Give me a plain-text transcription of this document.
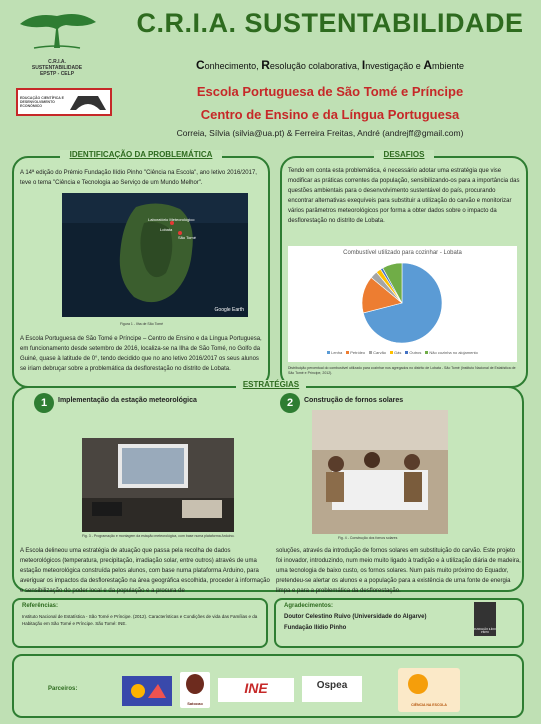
C.R.I.A.
SUSTENTABILIDADE
EPSTP - CELP
EDUCAÇÃO CIENTÍFICA E DESENVOLVIMENTO ECONÓMICO
C.R.I.A. SUSTENTABILIDADE
Conhecimento, Resolução colaborativa, Investigação e Ambiente
Escola Portuguesa de São Tomé e Príncipe
Centro de Ensino e da Língua Portuguesa
Correia, Sílvia (silvia@ua.pt) & Ferreira Freitas, André (andrejff@gmail.com)
IDENTIFICAÇÃO DA PROBLEMÁTICA
A 14ª edição do Prémio Fundação Ilídio Pinho "Ciência na Escola", ano letivo 2016/2017, teve o tema "Ciência e Tecnologia ao Serviço de um Mundo Melhor".
Laboratório Meteorológico
Lobata
São Tomé
Google Earth
Figura 1 - Ilha de São Tomé
A Escola Portuguesa de São Tomé e Príncipe – Centro de Ensino e da Língua Portuguesa, em funcionamento desde setembro de 2016, localiza-se na Ilha de São Tomé, no Golfo da Guiné, quase à latitude de 0°, tendo decidido que no ano letivo 2016/2017 os seus alunos se iriam debruçar sobre a problemática da desflorestação no distrito de Lobata.
DESAFIOS
Tendo em conta esta problemática, é necessário adotar uma estratégia que vise modificar as práticas correntes da população, sensibilizando-os para a importância das questões ambientais para o desenvolvimento sustentável do país, procurando encontrar alternativas exequíveis para substituir a utilização do carvão e monitorizar vários parâmetros meteorológicos por forma a obter dados sobre o impacto da desflorestação no distrito de Lobata.
Combustível utilizado para cozinhar - Lobata
Lenha Petróleo Carvão Gás Outros Não cozinha no alojamento
Distribuição percentual do combustível utilizado para cozinhar nos agregados no distrito de Lobata - São Tomé (Instituto Nacional de Estatística de São Tomé e Príncipe, 2012).
ESTRATÉGIAS
1	Implementação da estação meteorológica
Fig. 3 - Programação e montagem da estação meteorológica, com base numa plataforma Arduino.
A Escola delineou uma estratégia de atuação que passa pela recolha de dados meteorológicos (temperatura, precipitação, irradiação solar, entre outros) através de uma estação meteorológica construída pelos alunos, com base numa plataforma Arduino, para averiguar os impactos da desflorestação na área geográfica escolhida, proceder à informação e sensibilização do poder local e da população e a procura de
2	Construção de fornos solares
Fig. 4 - Construção dos fornos solares
soluções, através da introdução de fornos solares em substituição do carvão. Este projeto foi inovador, introduzindo, num meio muito ligado à tradição e à utilização diária de madeira, uma tecnologia de baixo custo, os fornos solares. Num país muito próximo do Equador, pretendeu-se alertar os alunos e a população para a existência de uma fonte de energia limpa e para a problemática da desflorestação.
Referências:
Instituto Nacional de Estatística - São Tomé e Príncipe. (2012). Características e Condições de vida das Famílias e da Habitação em São Tomé e Príncipe. São Tomé: INE.
Agradecimentos:
Doutor Celestino Ruivo (Universidade do Algarve)
Fundação Ilídio Pinho	FUNDAÇÃO ILÍDIO PINHO
Parceiros:
Satocao
INE	Ospea
CIÊNCIA NA ESCOLA
